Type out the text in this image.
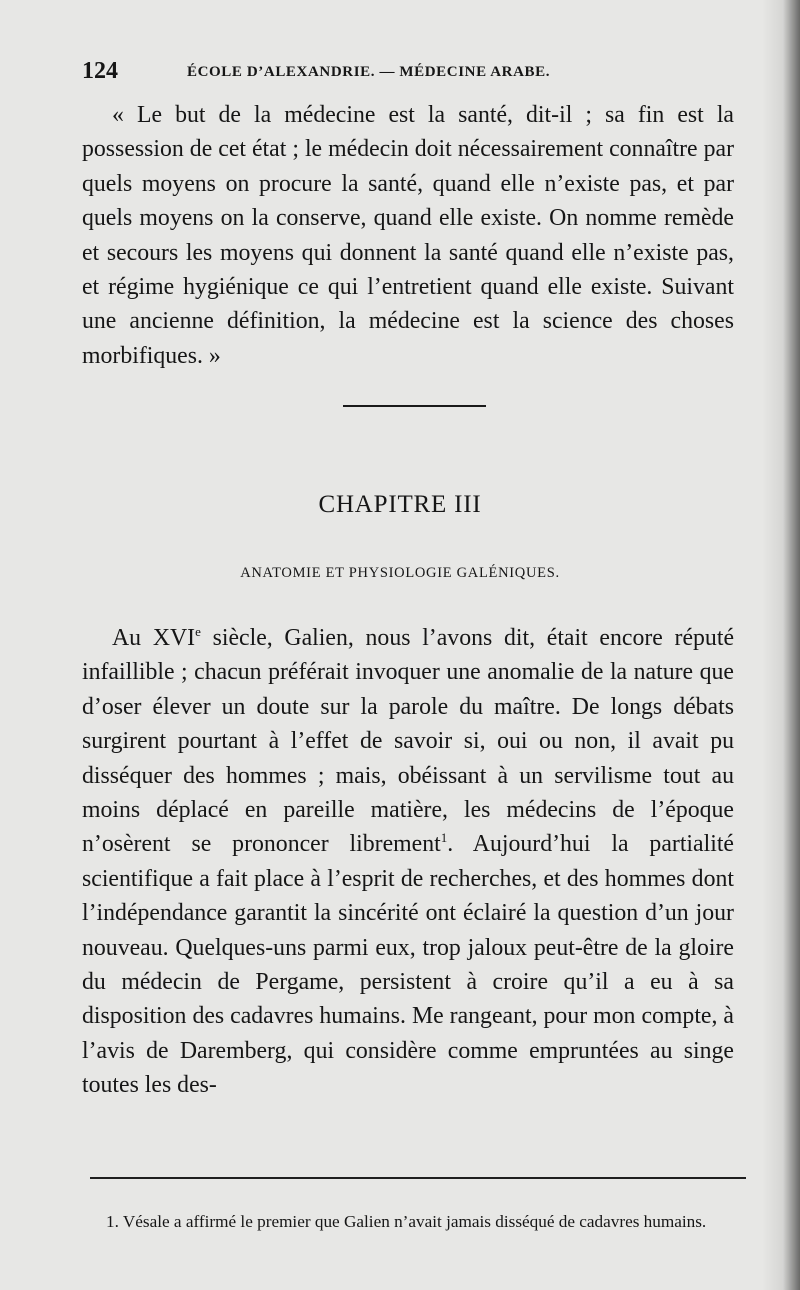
124	ÉCOLE D’ALEXANDRIE. — MÉDECINE ARABE.

« Le but de la médecine est la santé, dit-il ; sa fin est la possession de cet état ; le médecin doit nécessairement connaître par quels moyens on procure la santé, quand elle n’existe pas, et par quels moyens on la conserve, quand elle existe. On nomme remède et secours les moyens qui donnent la santé quand elle n’existe pas, et régime hygiénique ce qui l’entretient quand elle existe. Suivant une ancienne définition, la médecine est la science des choses morbifiques. »

CHAPITRE III
ANATOMIE ET PHYSIOLOGIE GALÉNIQUES.

Au XVIe siècle, Galien, nous l’avons dit, était encore réputé infaillible ; chacun préférait invoquer une anomalie de la nature que d’oser élever un doute sur la parole du maître. De longs débats surgirent pourtant à l’effet de savoir si, oui ou non, il avait pu disséquer des hommes ; mais, obéissant à un servilisme tout au moins déplacé en pareille matière, les médecins de l’époque n’osèrent se prononcer librement$^1$. Aujourd’hui la partialité scientifique a fait place à l’esprit de recherches, et des hommes dont l’indépendance garantit la sincérité ont éclairé la question d’un jour nouveau. Quelques-uns parmi eux, trop jaloux peut-être de la gloire du médecin de Pergame, persistent à croire qu’il a eu à sa disposition des cadavres humains. Me rangeant, pour mon compte, à l’avis de Daremberg, qui considère comme empruntées au singe toutes les des-

1. Vésale a affirmé le premier que Galien n’avait jamais disséqué de cadavres humains.
